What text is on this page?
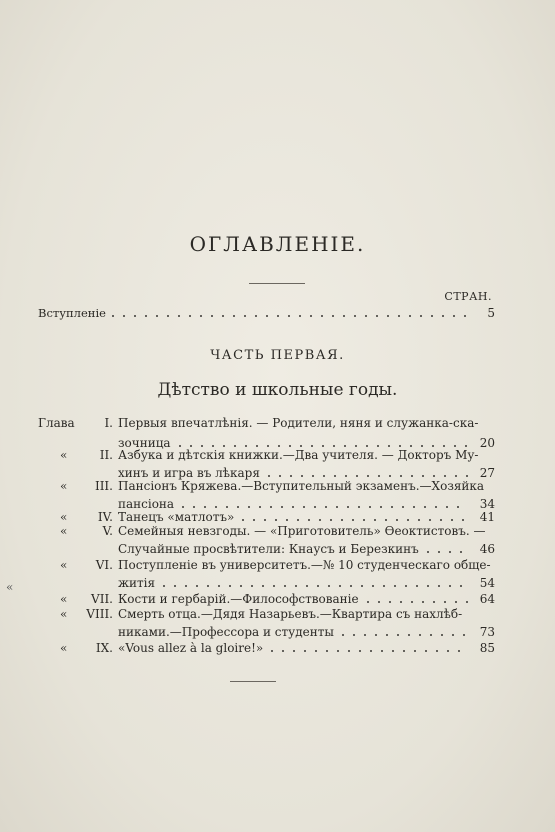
ОГЛАВЛЕНІЕ.
СТРАН.
Вступленіе	5
ЧАСТЬ ПЕРВАЯ.
Дѣтство и школьные годы.
Глава I. Первыя впечатлѣнія. — Родители, няня и служанка-ска-
зочница	20
«	II. Азбука и дѣтскія книжки.—Два учителя. — Докторъ Му-
хинъ и игра въ лѣкаря	27
« III. Пансіонъ Кряжева.—Вступительный экзаменъ.—Хозяйка
пансіона	34
«	IV. Танецъ «матлотъ»	41
«	V. Семейныя невзгоды. — «Приготовитель» Ѳеоктистовъ. —
Случайные просвѣтители: Кнаусъ и Березкинъ	46
« VI. Поступленіе въ университетъ.—№ 10 студенческаго обще-
житія	54
« VII. Кости и гербарій.—Философствованіе	64
« VIII. Смерть отца.—Дядя Назарьевъ.—Квартира съ нахлѣб-
никами.—Профессора и студенты	73
« IX. «Vous allez à la gloire!»	85
«
